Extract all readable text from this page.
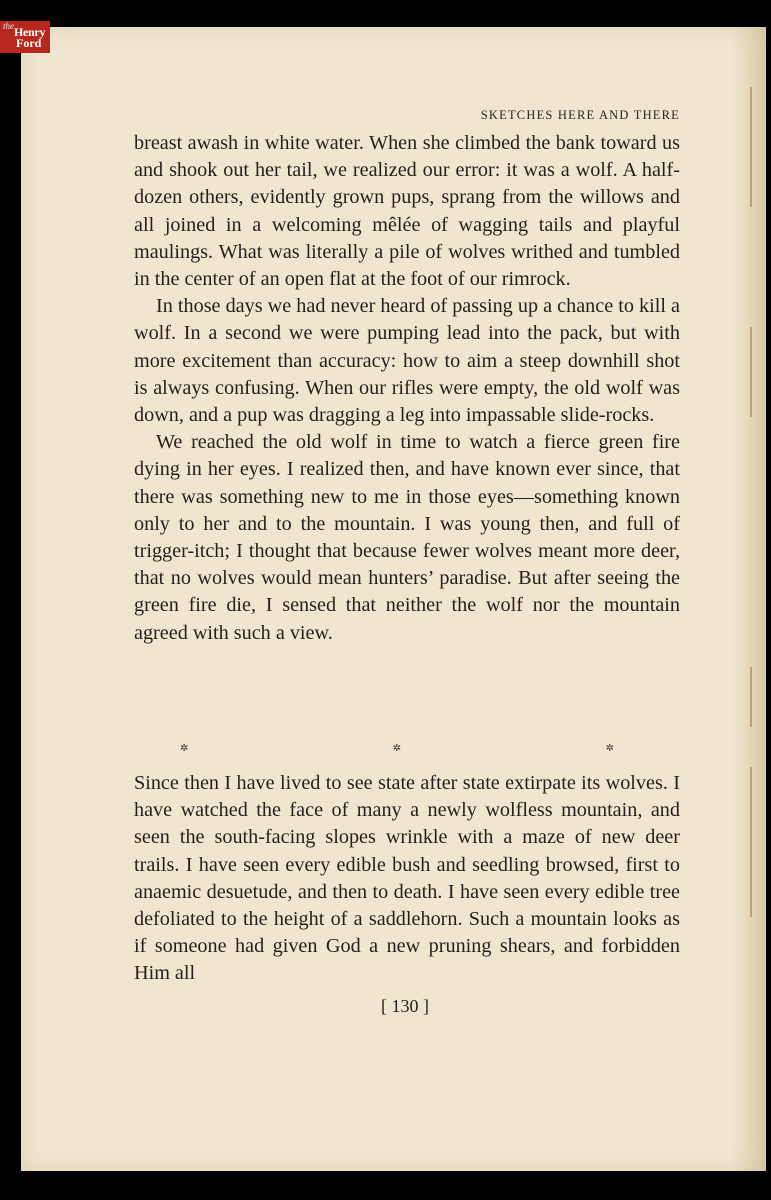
the Henry
Ford
SKETCHES HERE AND THERE

breast awash in white water. When she climbed the bank toward us and shook out her tail, we realized our error: it was a wolf. A half-dozen others, evidently grown pups, sprang from the willows and all joined in a welcoming mêlée of wagging tails and playful maulings. What was literally a pile of wolves writhed and tumbled in the center of an open flat at the foot of our rimrock.

In those days we had never heard of passing up a chance to kill a wolf. In a second we were pumping lead into the pack, but with more excitement than accuracy: how to aim a steep downhill shot is always confusing. When our rifles were empty, the old wolf was down, and a pup was dragging a leg into impassable slide-rocks.

We reached the old wolf in time to watch a fierce green fire dying in her eyes. I realized then, and have known ever since, that there was something new to me in those eyes—something known only to her and to the mountain. I was young then, and full of trigger-itch; I thought that because fewer wolves meant more deer, that no wolves would mean hunters’ paradise. But after seeing the green fire die, I sensed that neither the wolf nor the mountain agreed with such a view.

✲	✲	✲

Since then I have lived to see state after state extirpate its wolves. I have watched the face of many a newly wolfless mountain, and seen the south-facing slopes wrinkle with a maze of new deer trails. I have seen every edible bush and seedling browsed, first to anaemic desuetude, and then to death. I have seen every edible tree defoliated to the height of a saddlehorn. Such a mountain looks as if someone had given God a new pruning shears, and forbidden Him all

[ 130 ]
